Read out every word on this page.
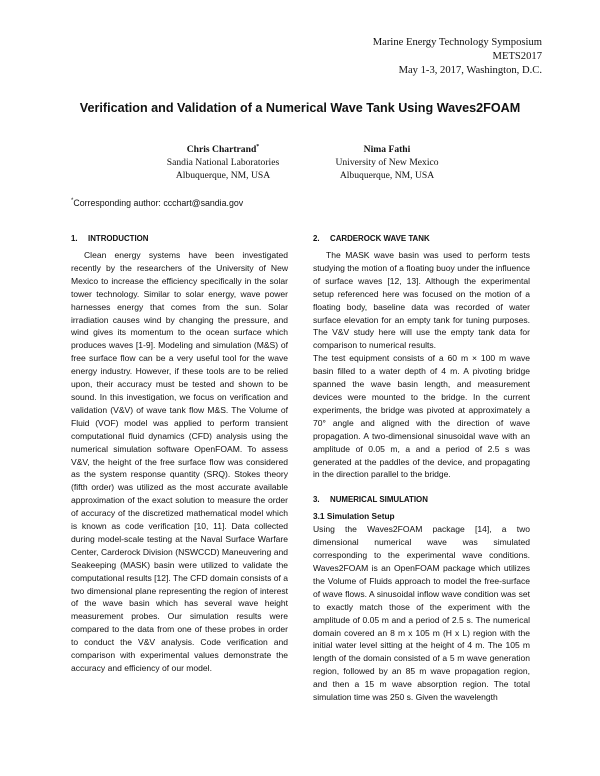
Marine Energy Technology Symposium
METS2017
May 1-3, 2017, Washington, D.C.
Verification and Validation of a Numerical Wave Tank Using Waves2FOAM
Chris Chartrand*
Sandia National Laboratories
Albuquerque, NM, USA
Nima Fathi
University of New Mexico
Albuquerque, NM, USA
*Corresponding author: ccchart@sandia.gov
1. INTRODUCTION

Clean energy systems have been investigated recently by the researchers of the University of New Mexico to increase the efficiency specifically in the solar tower technology. Similar to solar energy, wave power harnesses energy that comes from the sun. Solar irradiation causes wind by changing the pressure, and wind gives its momentum to the ocean surface which produces waves [1-9]. Modeling and simulation (M&S) of free surface flow can be a very useful tool for the wave energy industry. However, if these tools are to be relied upon, their accuracy must be tested and shown to be sound. In this investigation, we focus on verification and validation (V&V) of wave tank flow M&S. The Volume of Fluid (VOF) model was applied to perform transient computational fluid dynamics (CFD) analysis using the numerical simulation software OpenFOAM. To assess V&V, the height of the free surface flow was considered as the system response quantity (SRQ). Stokes theory (fifth order) was utilized as the most accurate available approximation of the exact solution to measure the order of accuracy of the discretized mathematical model which is known as code verification [10, 11]. Data collected during model-scale testing at the Naval Surface Warfare Center, Carderock Division (NSWCCD) Maneuvering and Seakeeping (MASK) basin were utilized to validate the computational results [12]. The CFD domain consists of a two dimensional plane representing the region of interest of the wave basin which has several wave height measurement probes. Our simulation results were compared to the data from one of these probes in order to conduct the V&V analysis. Code verification and comparison with experimental values demonstrate the accuracy and efficiency of our model.

2. CARDEROCK WAVE TANK

The MASK wave basin was used to perform tests studying the motion of a floating buoy under the influence of surface waves [12, 13]. Although the experimental setup referenced here was focused on the motion of a floating body, baseline data was recorded of water surface elevation for an empty tank for tuning purposes. The V&V study here will use the empty tank data for comparison to numerical results.

The test equipment consists of a 60 m × 100 m wave basin filled to a water depth of 4 m. A pivoting bridge spanned the wave basin length, and measurement devices were mounted to the bridge. In the current experiments, the bridge was pivoted at approximately a 70° angle and aligned with the direction of wave propagation. A two-dimensional sinusoidal wave with an amplitude of 0.05 m, a and a period of 2.5 s was generated at the paddles of the device, and propagating in the direction parallel to the bridge.

3. NUMERICAL SIMULATION
3.1 Simulation Setup

Using the Waves2FOAM package [14], a two dimensional numerical wave was simulated corresponding to the experimental wave conditions. Waves2FOAM is an OpenFOAM package which utilizes the Volume of Fluids approach to model the free-surface of wave flows. A sinusoidal inflow wave condition was set to exactly match those of the experiment with the amplitude of 0.05 m and a period of 2.5 s. The numerical domain covered an 8 m x 105 m (H x L) region with the initial water level sitting at the height of 4 m. The 105 m length of the domain consisted of a 5 m wave generation region, followed by an 85 m wave propagation region, and then a 15 m wave absorption region. The total simulation time was 250 s. Given the wavelength
